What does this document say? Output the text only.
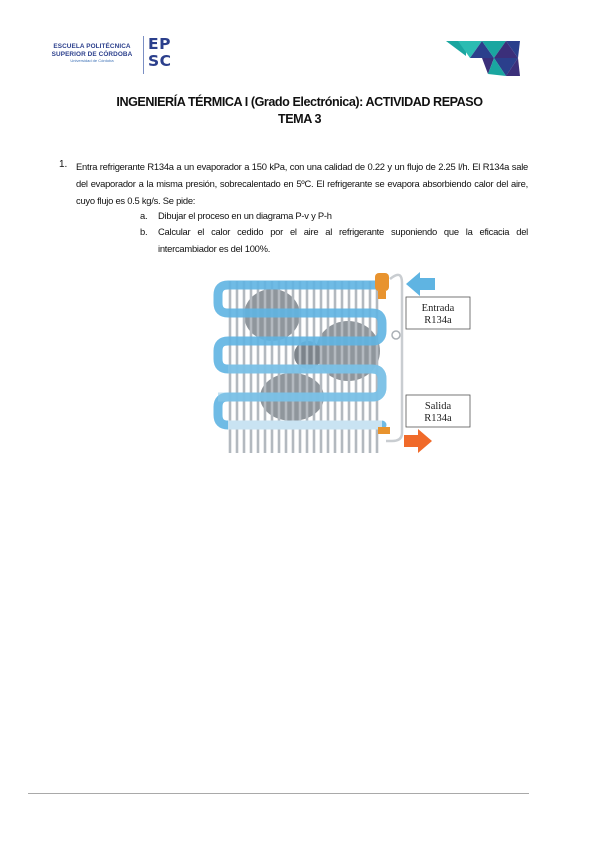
ESCUELA POLITÉCNICA
SUPERIOR DE CÓRDOBA
Universidad de Córdoba
EP
SC
INGENIERÍA TÉRMICA I (Grado Electrónica): ACTIVIDAD REPASO
TEMA 3
1. Entra refrigerante R134a a un evaporador a 150 kPa, con una calidad de 0.22 y un flujo de 2.25 l/h. El R134a sale del evaporador a la misma presión, sobrecalentado en 5ºC. El refrigerante se evapora absorbiendo calor del aire, cuyo flujo es 0.5 kg/s. Se pide:
a. Dibujar el proceso en un diagrama P-v y P-h
b. Calcular el calor cedido por el aire al refrigerante suponiendo que la eficacia del intercambiador es del 100%.
Entrada
R134a
Salida
R134a
